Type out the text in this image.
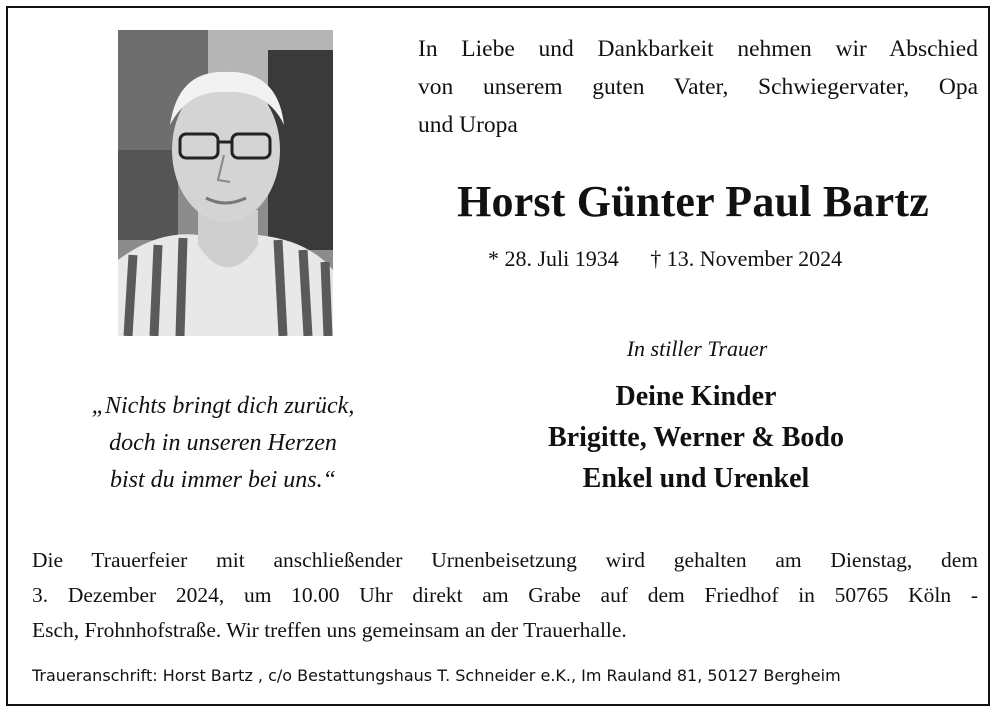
In Liebe und Dankbarkeit nehmen wir Abschied
von unserem guten Vater, Schwiegervater, Opa
und Uropa
Horst Günter Paul Bartz
* 28. Juli 1934 † 13. November 2024
In stiller Trauer
Deine Kinder
Brigitte, Werner & Bodo
Enkel und Urenkel
„Nichts bringt dich zurück,
doch in unseren Herzen
bist du immer bei uns.“
Die Trauerfeier mit anschließender Urnenbeisetzung wird gehalten am Dienstag, dem
3. Dezember 2024, um 10.00 Uhr direkt am Grabe auf dem Friedhof in 50765 Köln -
Esch, Frohnhofstraße. Wir treffen uns gemeinsam an der Trauerhalle.
Traueranschrift: Horst Bartz , c/o Bestattungshaus T. Schneider e.K., Im Rauland 81, 50127 Bergheim
